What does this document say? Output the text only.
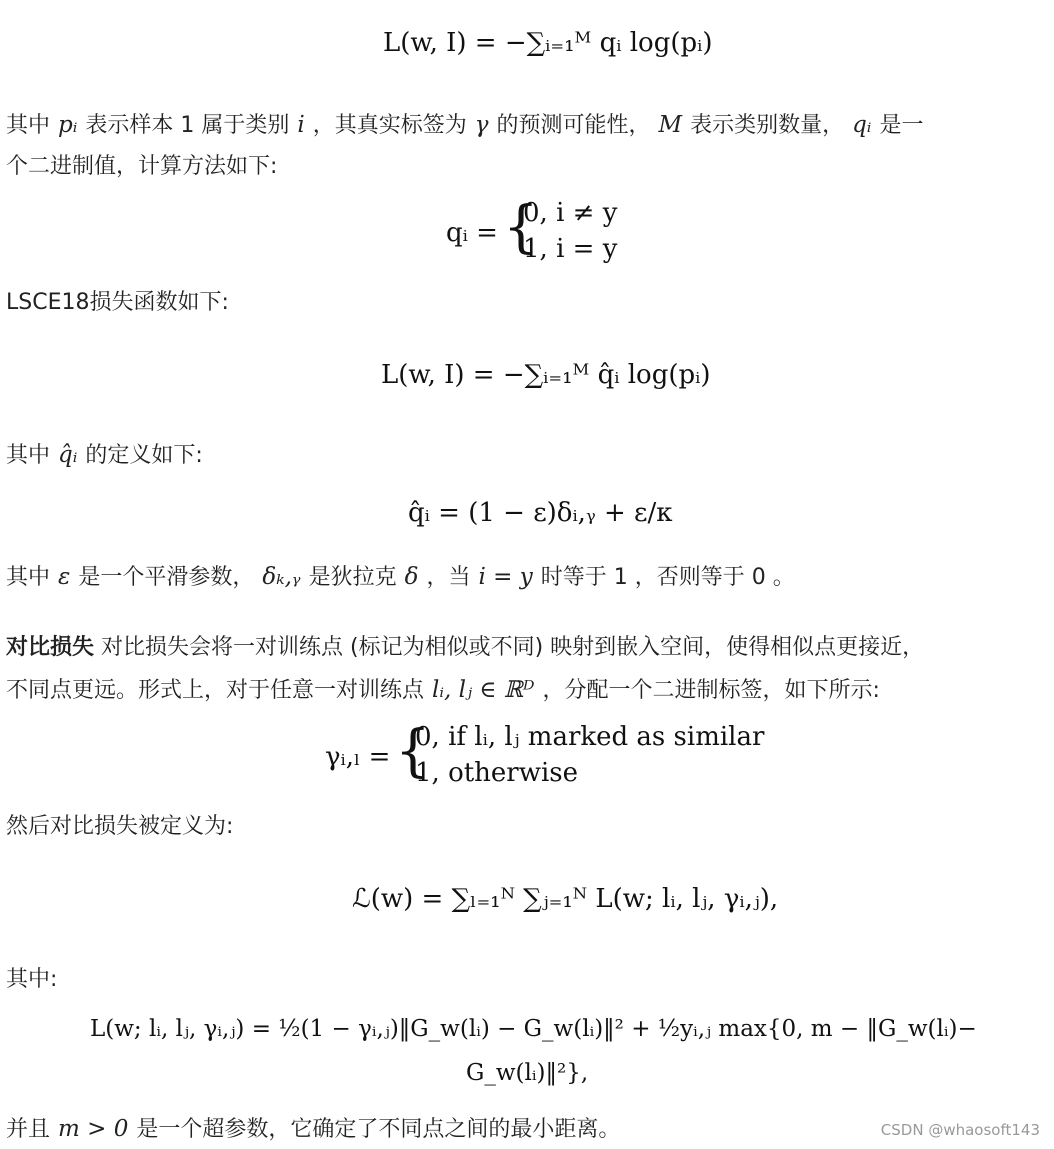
L(w, I) = −∑ᵢ₌₁ᴹ qᵢ log(pᵢ)
其中 pᵢ 表示样本 1 属于类别 i ，其真实标签为 γ 的预测可能性， M 表示类别数量， qᵢ 是一
个二进制值，计算方法如下:
qᵢ = {
0, i ≠ y
1, i = y
LSCE18损失函数如下:
L(w, I) = −∑ᵢ₌₁ᴹ q̂ᵢ log(pᵢ)
其中 q̂ᵢ 的定义如下:
q̂ᵢ = (1 − ε)δᵢ,ᵧ + ε/κ
其中 ε 是一个平滑参数， δₖ,ᵧ 是狄拉克 δ ，当 i = y 时等于 1 ，否则等于 0 。
对比损失 对比损失会将一对训练点 (标记为相似或不同) 映射到嵌入空间，使得相似点更接近，
不同点更远。形式上，对于任意一对训练点 lᵢ, lⱼ ∈ ℝᴰ ，分配一个二进制标签，如下所示:
γᵢ,ₗ = {
0, if lᵢ, lⱼ marked as similar
1, otherwise
然后对比损失被定义为:
ℒ(w) = ∑ₗ₌₁ᴺ ∑ⱼ₌₁ᴺ L(w; lᵢ, lⱼ, γᵢ,ⱼ),
其中:
L(w; lᵢ, lⱼ, γᵢ,ⱼ) = ½(1 − γᵢ,ⱼ)‖G_w(lᵢ) − G_w(lᵢ)‖² + ½yᵢ,ⱼ max{0, m − ‖G_w(lᵢ)−
G_w(lᵢ)‖²},
并且 m > 0 是一个超参数，它确定了不同点之间的最小距离。	CSDN @whaosoft143
